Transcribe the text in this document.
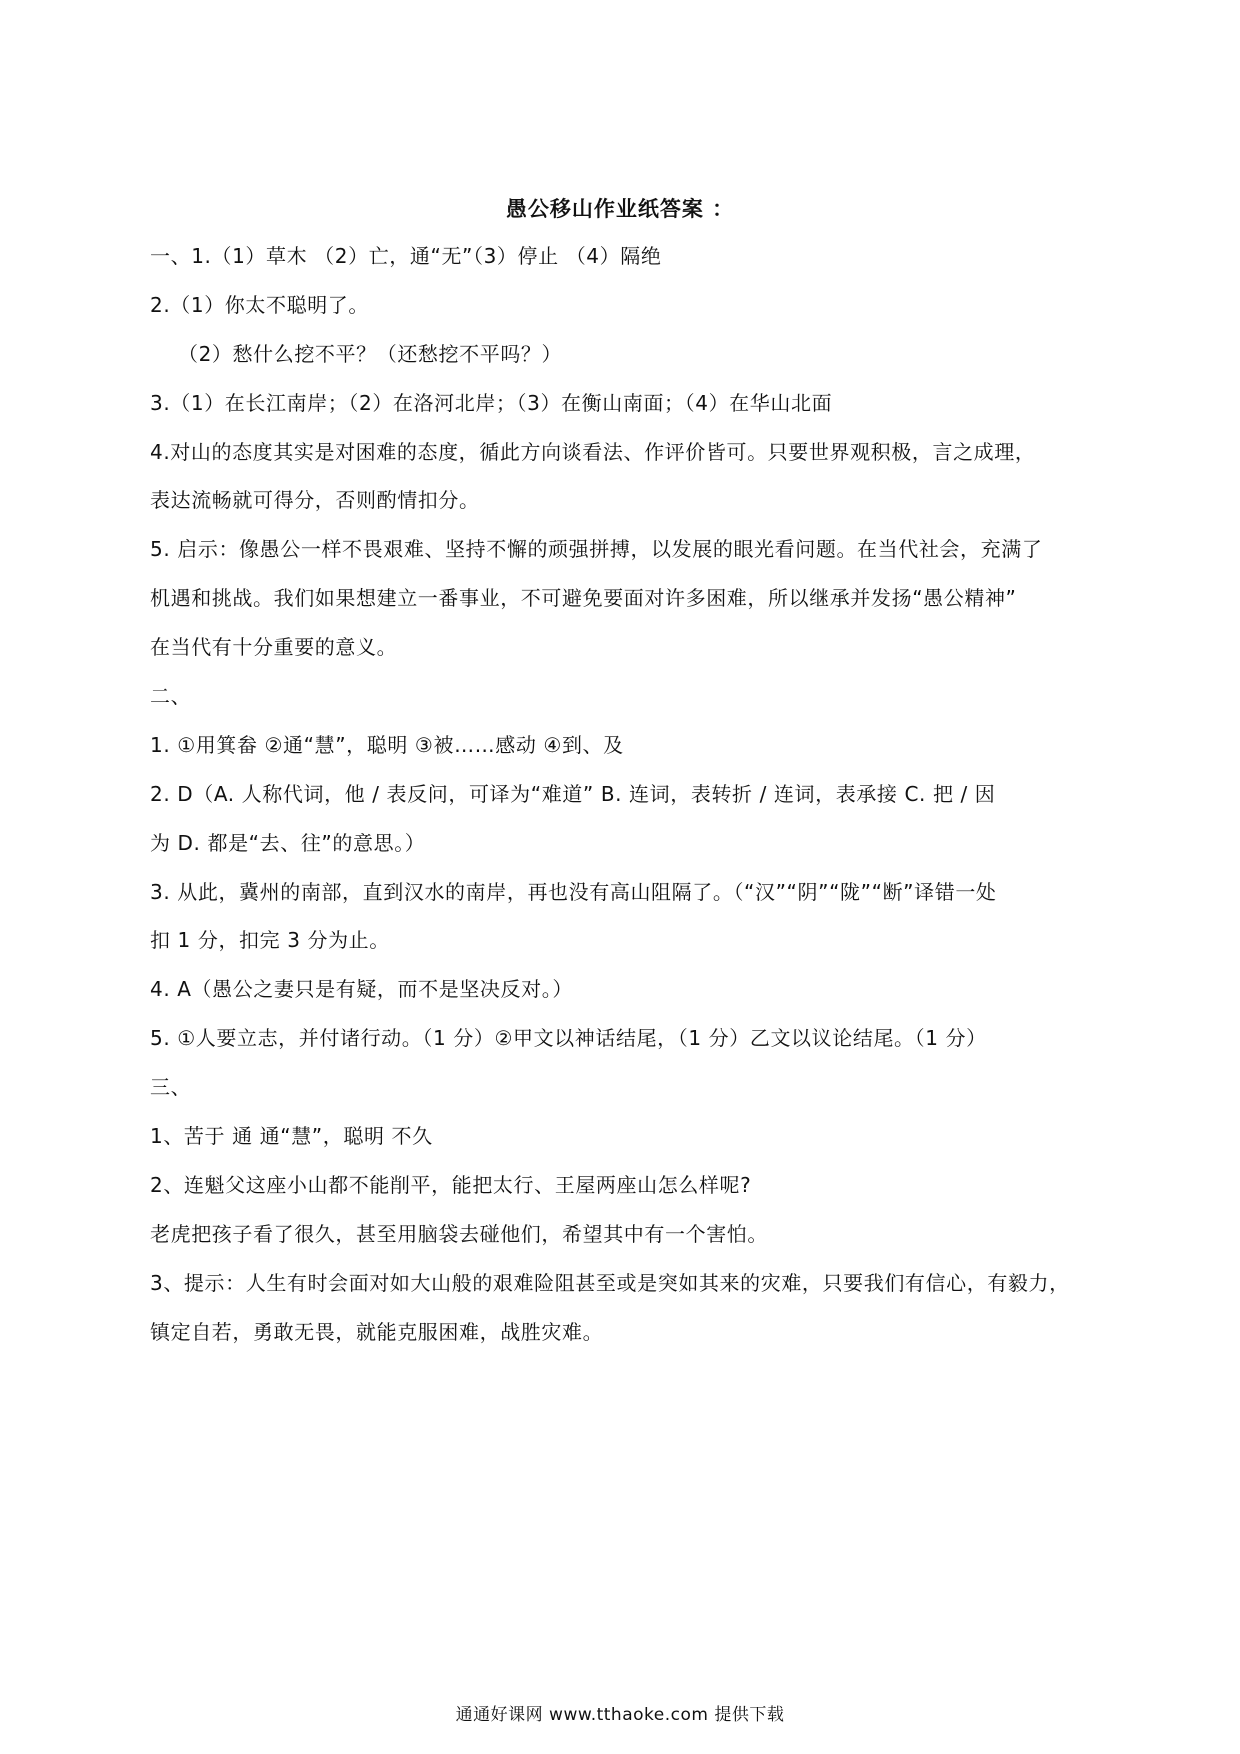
愚公移山作业纸答案 ：
一、1.（1）草木 （2）亡，通“无”（3）停止 （4）隔绝
2.（1）你太不聪明了。
（2）愁什么挖不平？（还愁挖不平吗？）
3.（1）在长江南岸；（2）在洛河北岸；（3）在衡山南面；（4）在华山北面
4.对山的态度其实是对困难的态度，循此方向谈看法、作评价皆可。只要世界观积极，言之成理，
表达流畅就可得分，否则酌情扣分。
5. 启示：像愚公一样不畏艰难、坚持不懈的顽强拼搏，以发展的眼光看问题。在当代社会，充满了
机遇和挑战。我们如果想建立一番事业，不可避免要面对许多困难，所以继承并发扬“愚公精神”
在当代有十分重要的意义。
二、
1. ①用箕畚 ②通“慧”，聪明 ③被……感动 ④到、及
2. D（A. 人称代词，他 / 表反问，可译为“难道” B. 连词，表转折 / 连词，表承接 C. 把 / 因
为 D. 都是“去、往”的意思。）
3. 从此，冀州的南部，直到汉水的南岸，再也没有高山阻隔了。（“汉”“阴”“陇”“断”译错一处
扣 1 分，扣完 3 分为止。
4. A（愚公之妻只是有疑，而不是坚决反对。）
5. ①人要立志，并付诸行动。（1 分）②甲文以神话结尾，（1 分）乙文以议论结尾。（1 分）
三、
1、苦于 通 通“慧”，聪明 不久
2、连魁父这座小山都不能削平，能把太行、王屋两座山怎么样呢?
老虎把孩子看了很久，甚至用脑袋去碰他们，希望其中有一个害怕。
3、提示：人生有时会面对如大山般的艰难险阻甚至或是突如其来的灾难，只要我们有信心，有毅力，
镇定自若，勇敢无畏，就能克服困难，战胜灾难。
通通好课网 www.tthaoke.com 提供下载
